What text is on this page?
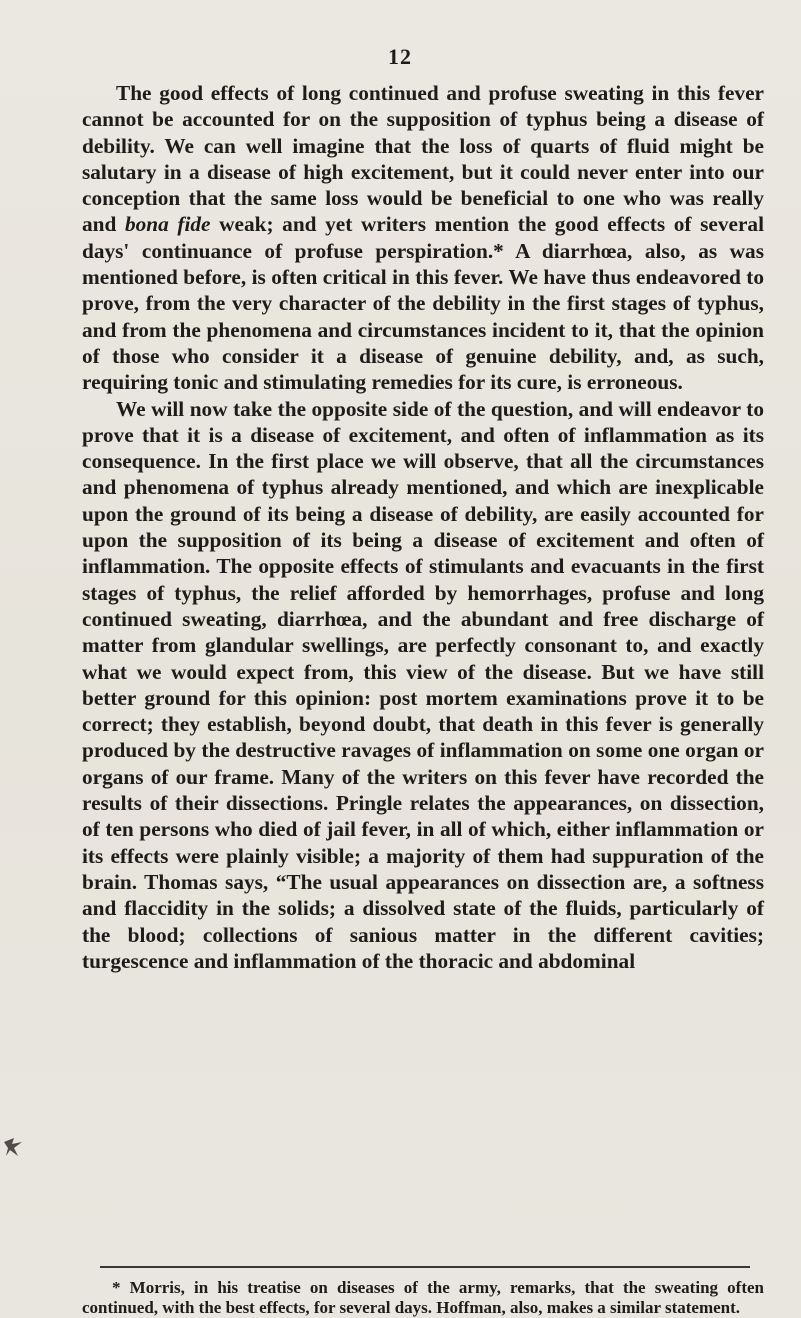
12

The good effects of long continued and profuse sweating in this fever cannot be accounted for on the supposition of typhus being a disease of debility. We can well imagine that the loss of quarts of fluid might be salutary in a disease of high excitement, but it could never enter into our conception that the same loss would be beneficial to one who was really and bona fide weak; and yet writers mention the good effects of several days' continuance of profuse perspiration.* A diarrhœa, also, as was mentioned before, is often critical in this fever. We have thus endeavored to prove, from the very character of the debility in the first stages of typhus, and from the phenomena and circumstances incident to it, that the opinion of those who consider it a disease of genuine debility, and, as such, requiring tonic and stimulating remedies for its cure, is erroneous.

We will now take the opposite side of the question, and will endeavor to prove that it is a disease of excitement, and often of inflammation as its consequence. In the first place we will observe, that all the circumstances and phenomena of typhus already mentioned, and which are inexplicable upon the ground of its being a disease of debility, are easily accounted for upon the supposition of its being a disease of excitement and often of inflammation. The opposite effects of stimulants and evacuants in the first stages of typhus, the relief afforded by hemorrhages, profuse and long continued sweating, diarrhœa, and the abundant and free discharge of matter from glandular swellings, are perfectly consonant to, and exactly what we would expect from, this view of the disease. But we have still better ground for this opinion: post mortem examinations prove it to be correct; they establish, beyond doubt, that death in this fever is generally produced by the destructive ravages of inflammation on some one organ or organs of our frame. Many of the writers on this fever have recorded the results of their dissections. Pringle relates the appearances, on dissection, of ten persons who died of jail fever, in all of which, either inflammation or its effects were plainly visible; a majority of them had suppuration of the brain. Thomas says, “The usual appearances on dissection are, a softness and flaccidity in the solids; a dissolved state of the fluids, particularly of the blood; collections of sanious matter in the different cavities; turgescence and inflammation of the thoracic and abdominal

* Morris, in his treatise on diseases of the army, remarks, that the sweating often continued, with the best effects, for several days. Hoffman, also, makes a similar statement.
